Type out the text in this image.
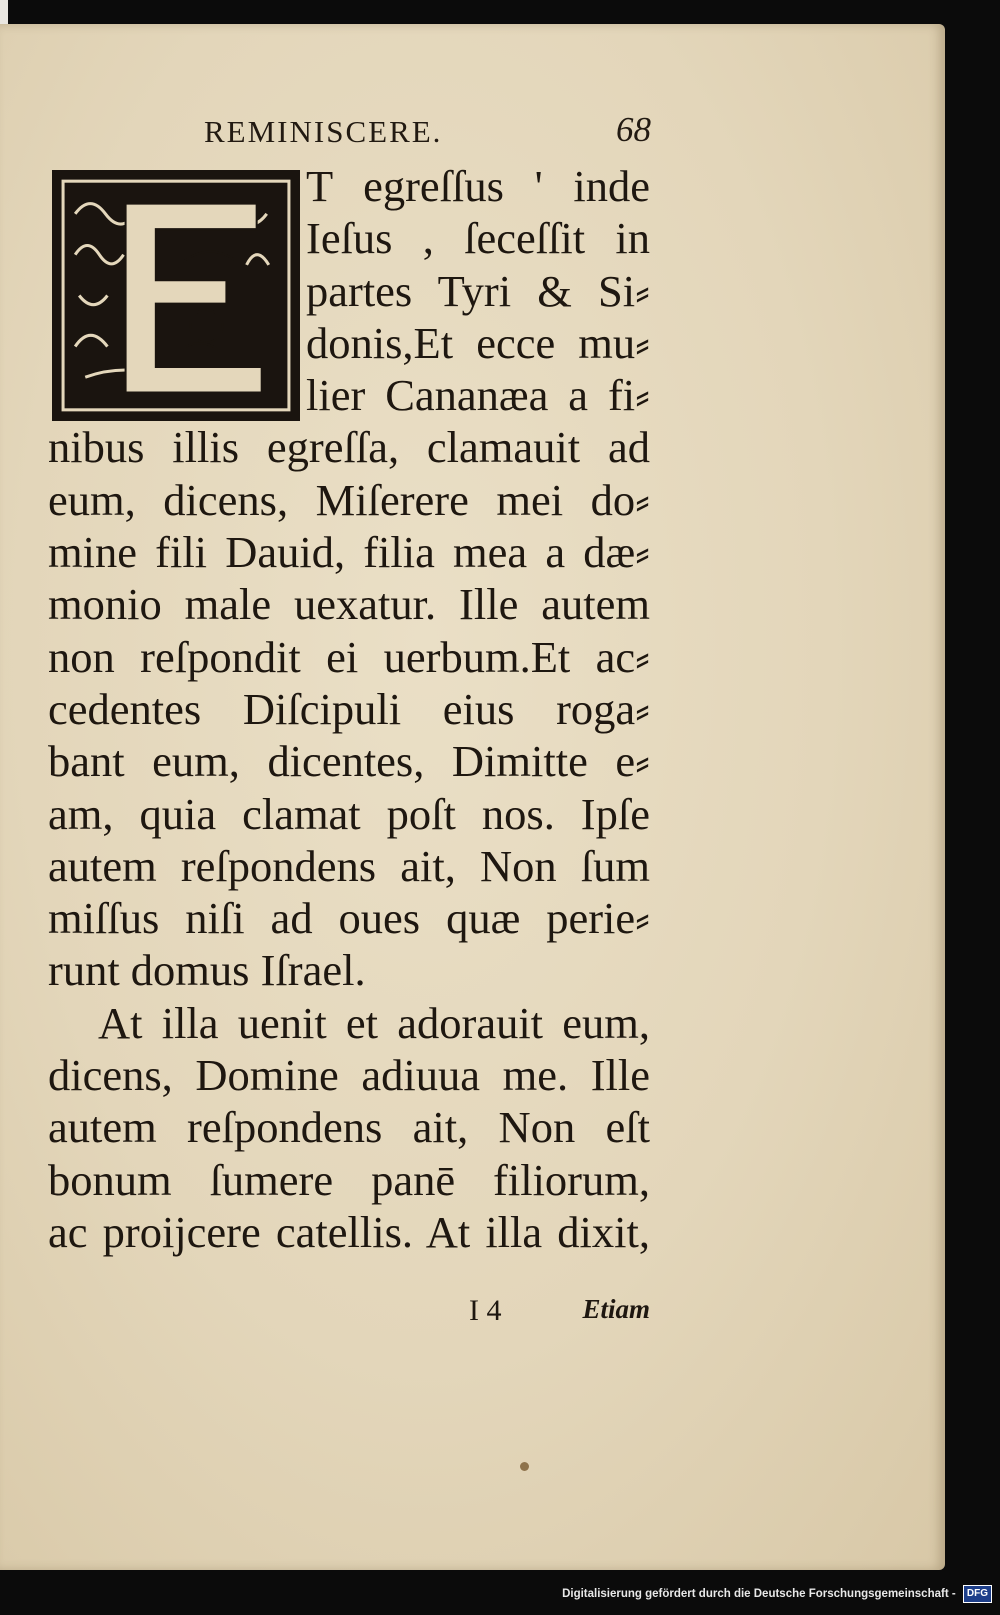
REMINISCERE.	68
T egreſſus ' inde
Ieſus , ſeceſſit in
partes Tyri & Si⸗
donis,Et ecce mu⸗
lier Cananæa a fi⸗
nibus illis egreſſa, clamauit ad
eum, dicens, Miſerere mei do⸗
mine fili Dauid, filia mea a dæ⸗
monio male uexatur. Ille autem
non reſpondit ei uerbum.Et ac⸗
cedentes Diſcipuli eius roga⸗
bant eum, dicentes, Dimitte e⸗
am, quia clamat poſt nos. Ipſe
autem reſpondens ait, Non ſum
miſſus niſi ad oues quæ perie⸗
runt domus Iſrael.
At illa uenit et adorauit eum,
dicens, Domine adiuua me. Ille
autem reſpondens ait, Non eſt
bonum ſumere panē filiorum,
ac proijcere catellis. At illa dixit,
I 4	Etiam
Digitalisierung gefördert durch die Deutsche Forschungsgemeinschaft - DFG
